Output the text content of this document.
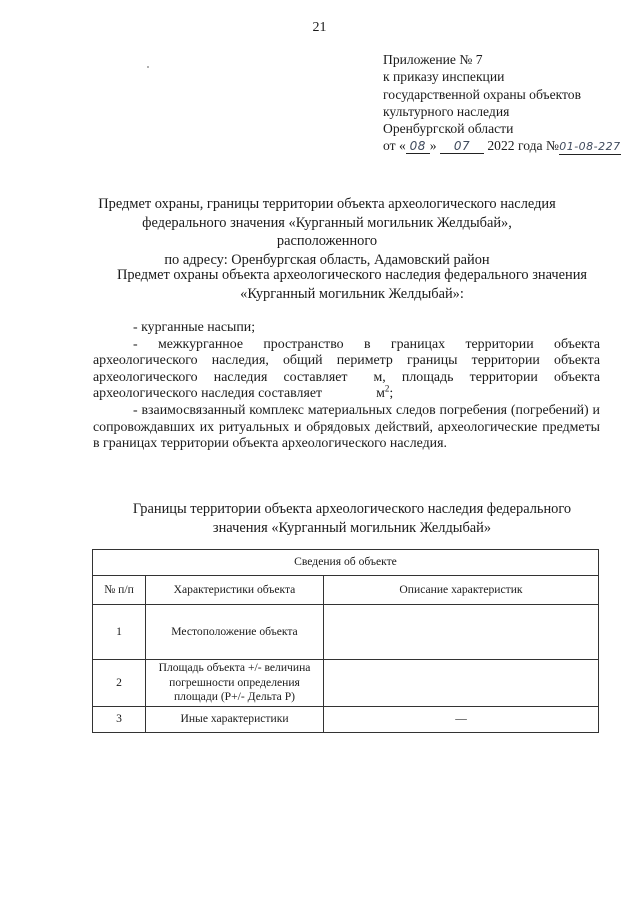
21
Приложение № 7
к приказу инспекции
государственной охраны объектов
культурного наследия
Оренбургской области
от « 08 » 07 2022 года №01-08-227
Предмет охраны, границы территории объекта археологического наследия
федерального значения «Курганный могильник Желдыбай», расположенного
по адресу: Оренбургская область, Адамовский район
Предмет охраны объекта археологического наследия федерального значения
«Курганный могильник Желдыбай»:

- курганные насыпи;

- межкурганное пространство в границах территории объекта археологического наследия, общий периметр границы территории объекта археологического наследия составляет м, площадь территории объекта археологического наследия составляет	$м^2$;

- взаимосвязанный комплекс материальных следов погребения (погребений) и сопровождавших их ритуальных и обрядовых действий, археологические предметы в границах территории объекта археологического наследия.

Границы территории объекта археологического наследия федерального
значения «Курганный могильник Желдыбай»
Сведения об объекте		
№ п/п	Характеристики объекта	Описание характеристик
1	Местоположение объекта	
2	Площадь объекта +/- величина погрешности определения площади (P+/- Дельта P)	
3	Иные характеристики	—
